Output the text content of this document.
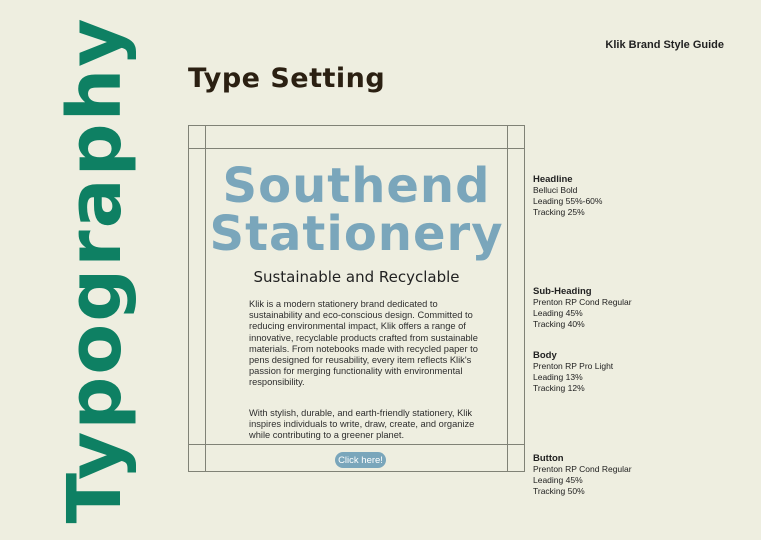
Typography	Klik Brand Style Guide
Type Setting
Southend
Stationery
Sustainable and Recyclable

Klik is a modern stationery brand dedicated to sustainability and eco-conscious design. Committed to reducing environmental impact, Klik offers a range of innovative, recyclable products crafted from sustainable materials. From notebooks made with recycled paper to pens designed for reusability, every item reflects Klik's passion for merging functionality with environmental responsibility.

With stylish, durable, and earth-friendly stationery, Klik inspires individuals to write, draw, create, and organize while contributing to a greener planet.

Click here!
Headline
Belluci Bold
Leading 55%-60%
Tracking 25%
Sub-Heading
Prenton RP Cond Regular
Leading 45%
Tracking 40%
Body
Prenton RP Pro Light
Leading 13%
Tracking 12%
Button
Prenton RP Cond Regular
Leading 45%
Tracking 50%
